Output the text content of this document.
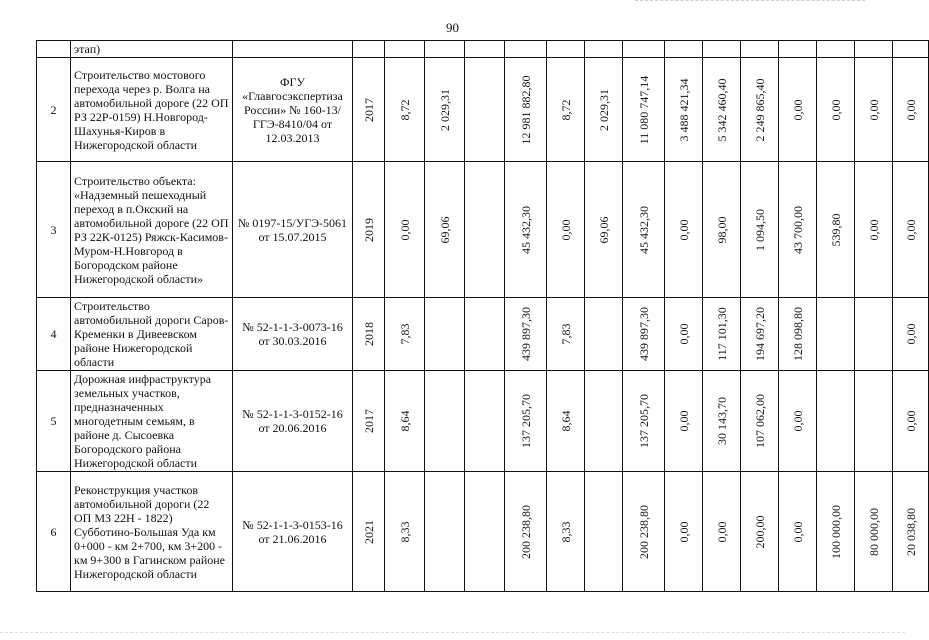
90
	этап)																
2	Строительство мостового перехода через р. Волга на автомобильной дороге (22 ОП РЗ 22Р-0159) Н.Новгород-Шахунья-Киров в Нижегородской области	ФГУ «Главгосэкспертиза России» № 160-13/ГГЭ-8410/04 от 12.03.2013	2017	8,72	2 029,31		12 981 882,80	8,72	2 029,31	11 080 747,14	3 488 421,34	5 342 460,40	2 249 865,40	0,00	0,00	0,00	0,00

3	Строительство объекта: «Надземный пешеходный переход в п.Окский на автомобильной дороге (22 ОП РЗ 22К-0125) Ряжск-Касимов-Муром-Н.Новгород в Богородском районе Нижегородской области»	№ 0197-15/УГЭ-5061 от 15.07.2015	2019	0,00	69,06		45 432,30	0,00	69,06	45 432,30	0,00	98,00	1 094,50	43 700,00	539,80	0,00	0,00

4	Строительство автомобильной дороги Саров-Кременки в Дивеевском районе Нижегородской области	№ 52-1-1-3-0073-16 от 30.03.2016	2018	7,83			439 897,30	7,83		439 897,30	0,00	117 101,30	194 697,20	128 098,80			0,00

5	Дорожная инфраструктура земельных участков, предназначенных многодетным семьям, в районе д. Сысоевка Богородского района Нижегородской области	№ 52-1-1-3-0152-16 от 20.06.2016	2017	8,64			137 205,70	8,64		137 205,70	0,00	30 143,70	107 062,00	0,00			0,00

6	Реконструкция участков автомобильной дороги (22 ОП МЗ 22Н - 1822) Субботино-Большая Уда км 0+000 - км 2+700, км 3+200 - км 9+300 в Гагинском районе Нижегородской области	№ 52-1-1-3-0153-16 от 21.06.2016	2021	8,33			200 238,80	8,33		200 238,80	0,00	0,00	200,00	0,00	100 000,00	80 000,00	20 038,80
